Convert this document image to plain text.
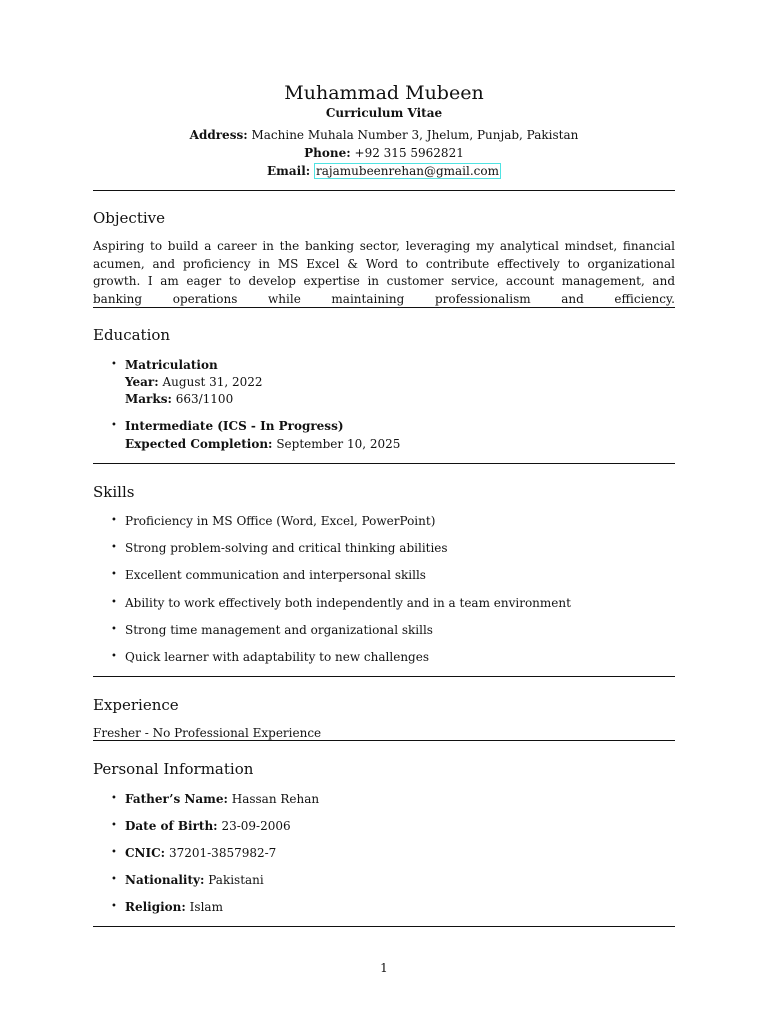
Muhammad Mubeen
Curriculum Vitae
Address: Machine Muhala Number 3, Jhelum, Punjab, Pakistan
Phone: +92 315 5962821
Email: rajamubeenrehan@gmail.com
Objective
Aspiring to build a career in the banking sector, leveraging my analytical mindset, financial acumen, and proficiency in MS Excel & Word to contribute effectively to organizational growth. I am eager to develop expertise in customer service, account management, and banking operations while maintaining professionalism and efficiency.
Education
• Matriculation
Year: August 31, 2022
Marks: 663/1100
• Intermediate (ICS - In Progress)
Expected Completion: September 10, 2025
Skills
• Proficiency in MS Office (Word, Excel, PowerPoint)
• Strong problem-solving and critical thinking abilities
• Excellent communication and interpersonal skills
• Ability to work effectively both independently and in a team environment
• Strong time management and organizational skills
• Quick learner with adaptability to new challenges
Experience
Fresher - No Professional Experience
Personal Information
• Father’s Name: Hassan Rehan
• Date of Birth: 23-09-2006
• CNIC: 37201-3857982-7
• Nationality: Pakistani
• Religion: Islam
1
